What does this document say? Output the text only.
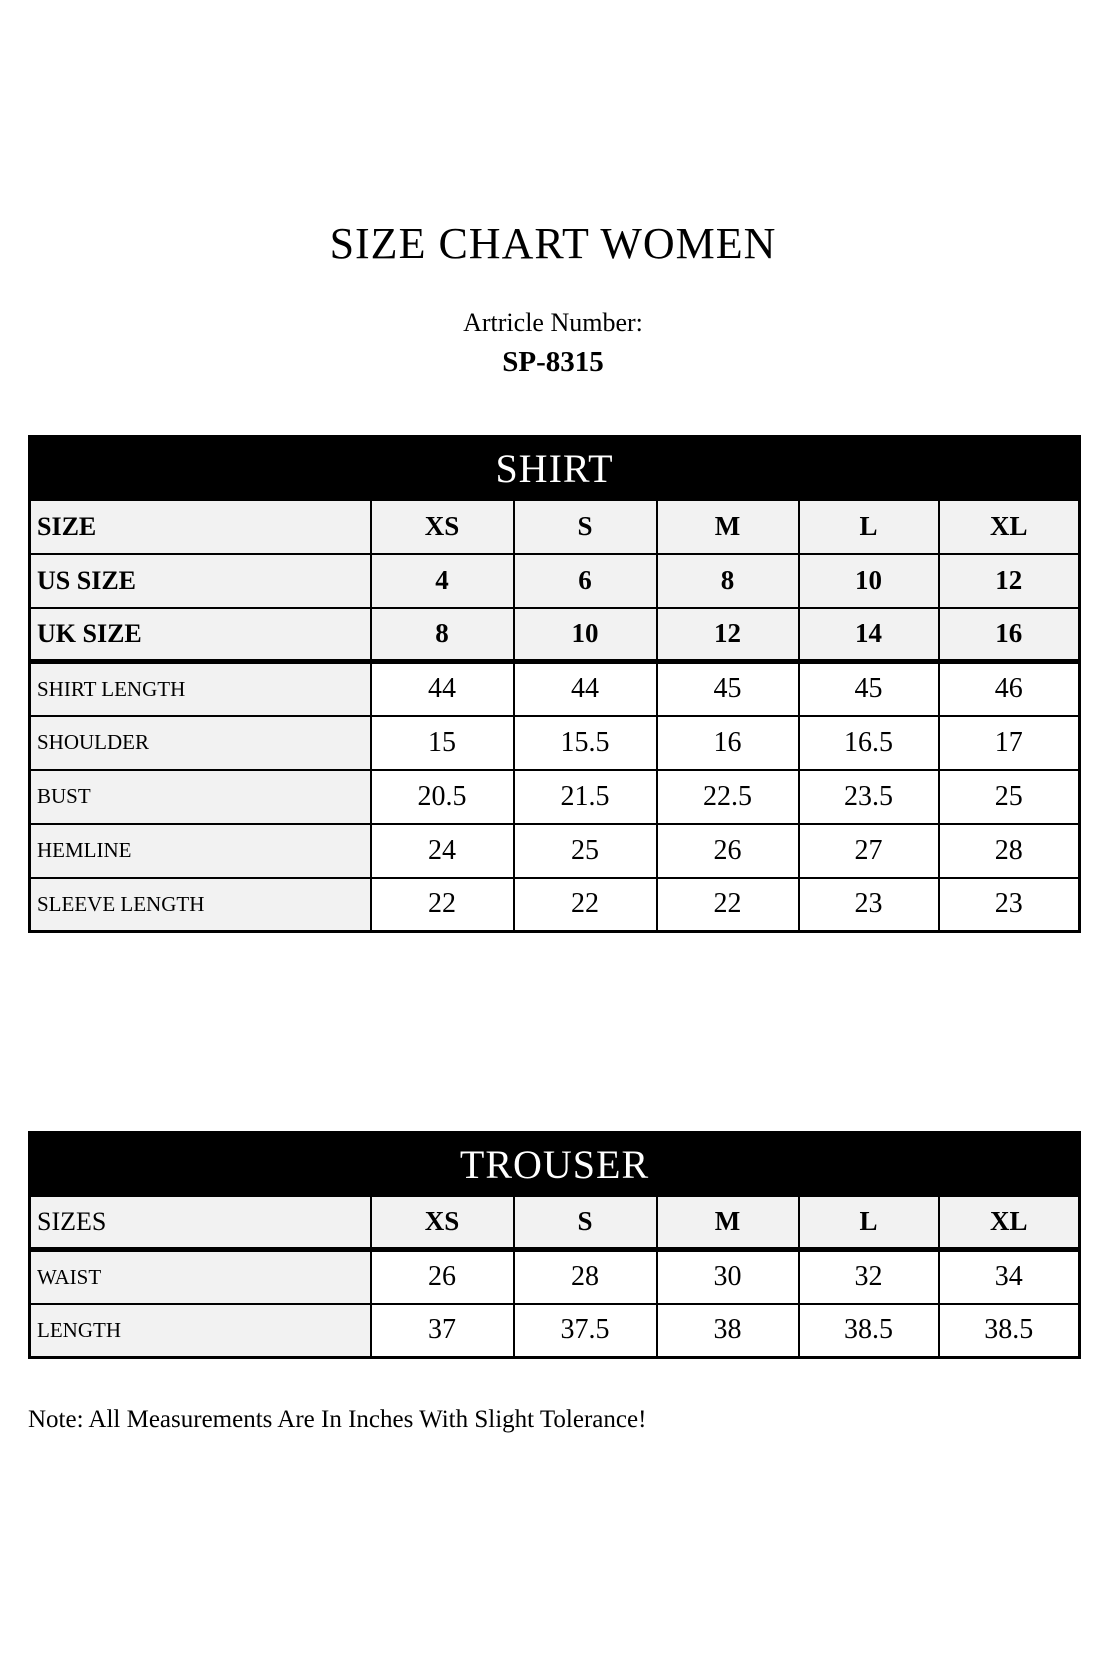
SIZE CHART WOMEN
Artricle Number:
SP-8315
SHIRT					
SIZE	XS	S	M	L	XL
US SIZE	4	6	8	10	12
UK SIZE	8	10	12	14	16
SHIRT LENGTH	44	44	45	45	46
SHOULDER	15	15.5	16	16.5	17
BUST	20.5	21.5	22.5	23.5	25
HEMLINE	24	25	26	27	28
SLEEVE LENGTH	22	22	22	23	23
TROUSER					
SIZES	XS	S	M	L	XL
WAIST	26	28	30	32	34
LENGTH	37	37.5	38	38.5	38.5
Note: All Measurements Are In Inches With Slight Tolerance!
